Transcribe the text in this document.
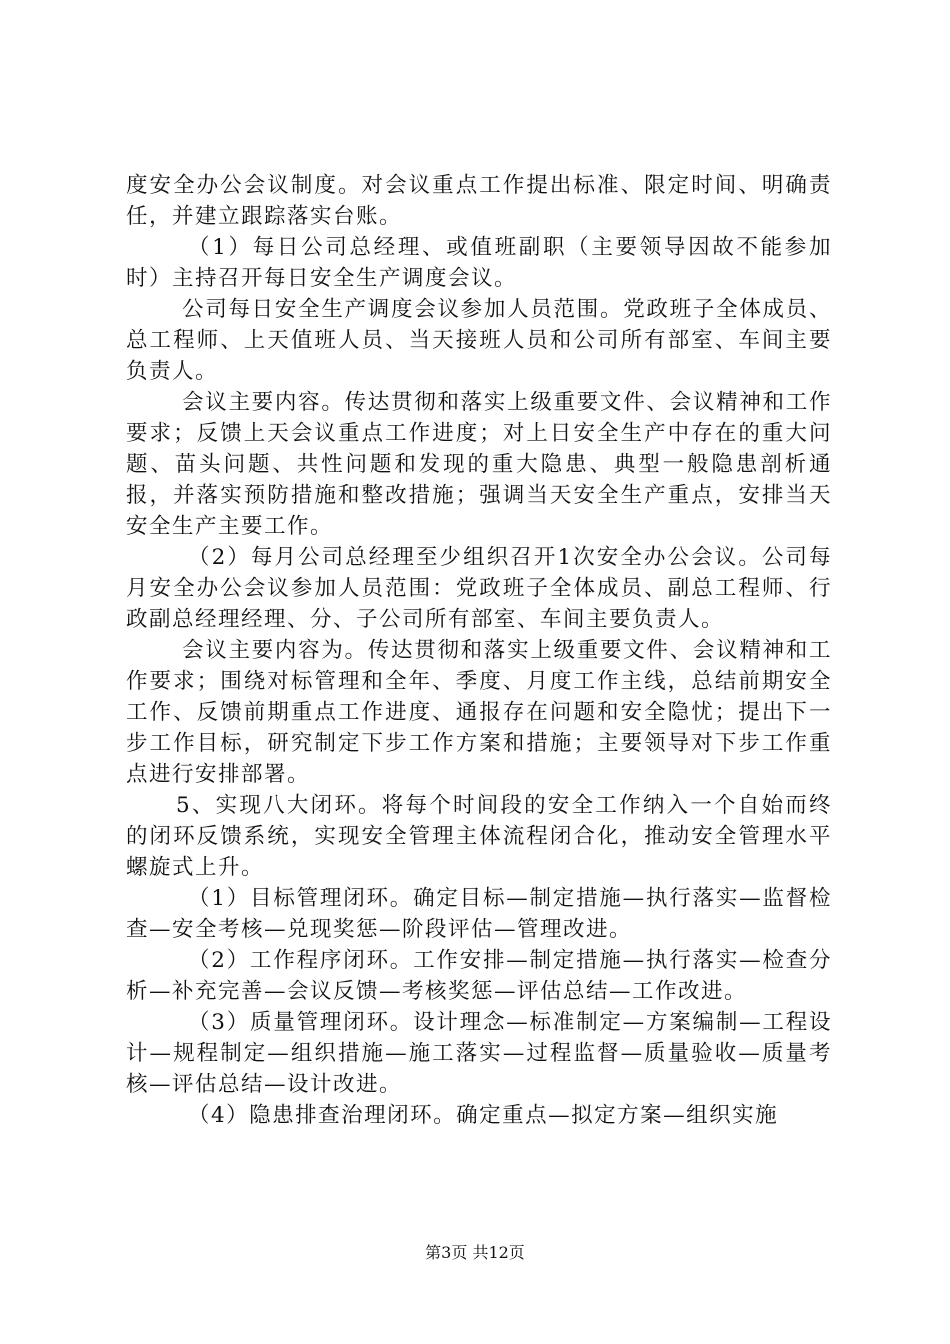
度安全办公会议制度。对会议重点工作提出标准、限定时间、明确责任，并建立跟踪落实台账。

（1）每日公司总经理、或值班副职（主要领导因故不能参加时）主持召开每日安全生产调度会议。

公司每日安全生产调度会议参加人员范围。党政班子全体成员、总工程师、上天值班人员、当天接班人员和公司所有部室、车间主要负责人。

会议主要内容。传达贯彻和落实上级重要文件、会议精神和工作要求；反馈上天会议重点工作进度；对上日安全生产中存在的重大问题、苗头问题、共性问题和发现的重大隐患、典型一般隐患剖析通报，并落实预防措施和整改措施；强调当天安全生产重点，安排当天安全生产主要工作。

（2）每月公司总经理至少组织召开1次安全办公会议。公司每月安全办公会议参加人员范围：党政班子全体成员、副总工程师、行政副总经理经理、分、子公司所有部室、车间主要负责人。

会议主要内容为。传达贯彻和落实上级重要文件、会议精神和工作要求；围绕对标管理和全年、季度、月度工作主线，总结前期安全工作、反馈前期重点工作进度、通报存在问题和安全隐忧；提出下一步工作目标，研究制定下步工作方案和措施；主要领导对下步工作重点进行安排部署。

5、实现八大闭环。将每个时间段的安全工作纳入一个自始而终的闭环反馈系统，实现安全管理主体流程闭合化，推动安全管理水平螺旋式上升。

（1）目标管理闭环。确定目标—制定措施—执行落实—监督检查—安全考核—兑现奖惩—阶段评估—管理改进。

（2）工作程序闭环。工作安排—制定措施—执行落实—检查分析—补充完善—会议反馈—考核奖惩—评估总结—工作改进。

（3）质量管理闭环。设计理念—标准制定—方案编制—工程设计—规程制定—组织措施—施工落实—过程监督—质量验收—质量考核—评估总结—设计改进。

（4）隐患排查治理闭环。确定重点—拟定方案—组织实施

第3页 共12页
